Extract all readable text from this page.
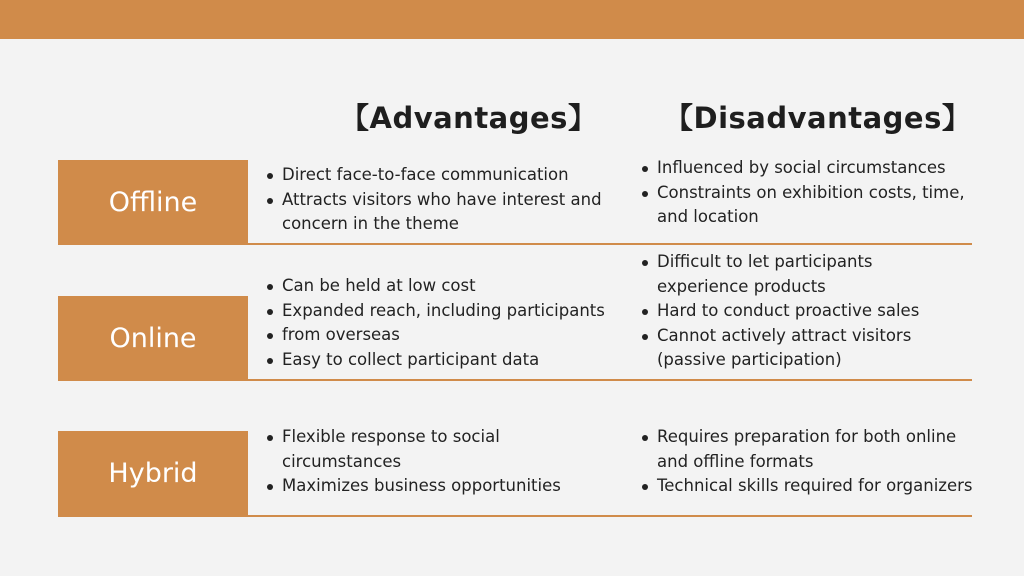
【Advantages】 【Disadvantages】
Offline
Direct face-to-face communication
Attracts visitors who have interest and
concern in the theme
Influenced by social circumstances
Constraints on exhibition costs, time,
and location
Online
Can be held at low cost
Expanded reach, including participants
from overseas
Easy to collect participant data
Difficult to let participants
experience products
Hard to conduct proactive sales
Cannot actively attract visitors
(passive participation)
Hybrid
Flexible response to social
circumstances
Maximizes business opportunities
Requires preparation for both online
and offline formats
Technical skills required for organizers
